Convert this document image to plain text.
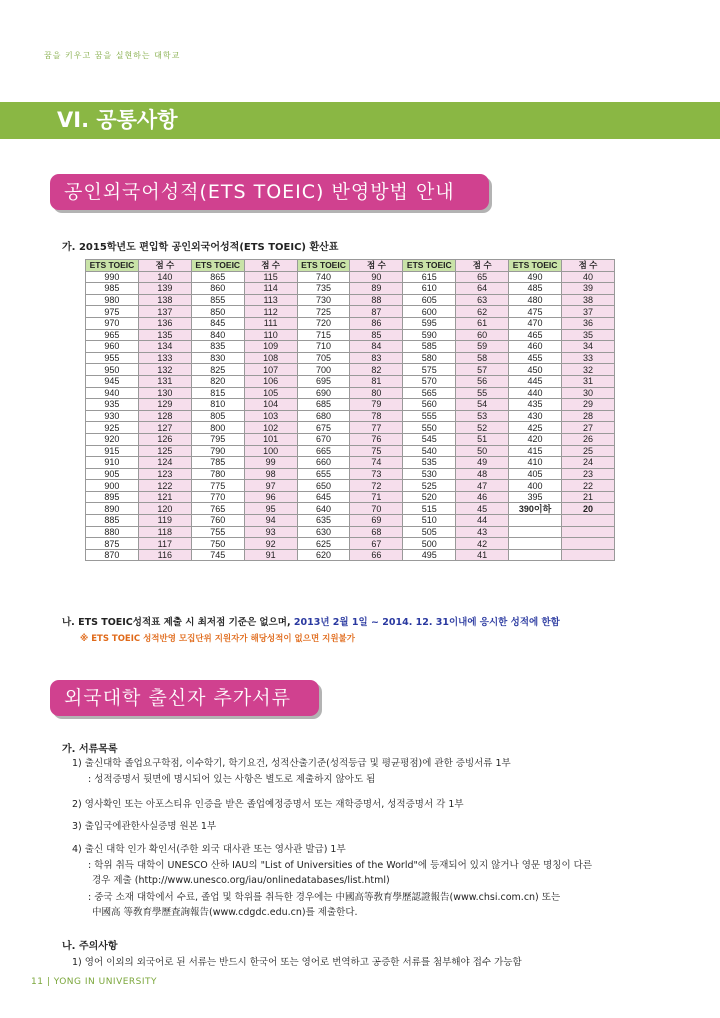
꿈을 키우고 꿈을 실현하는 대학교
VI. 공통사항
공인외국어성적(ETS TOEIC) 반영방법 안내
가. 2015학년도 편입학 공인외국어성적(ETS TOEIC) 환산표
ETS TOEIC	점 수	ETS TOEIC	점 수	ETS TOEIC	점 수	ETS TOEIC	점 수	ETS TOEIC	점 수
990	140	865	115	740	90	615	65	490	40
985	139	860	114	735	89	610	64	485	39
980	138	855	113	730	88	605	63	480	38
975	137	850	112	725	87	600	62	475	37
970	136	845	111	720	86	595	61	470	36
965	135	840	110	715	85	590	60	465	35
960	134	835	109	710	84	585	59	460	34
955	133	830	108	705	83	580	58	455	33
950	132	825	107	700	82	575	57	450	32
945	131	820	106	695	81	570	56	445	31
940	130	815	105	690	80	565	55	440	30
935	129	810	104	685	79	560	54	435	29
930	128	805	103	680	78	555	53	430	28
925	127	800	102	675	77	550	52	425	27
920	126	795	101	670	76	545	51	420	26
915	125	790	100	665	75	540	50	415	25
910	124	785	99	660	74	535	49	410	24
905	123	780	98	655	73	530	48	405	23
900	122	775	97	650	72	525	47	400	22
895	121	770	96	645	71	520	46	395	21
890	120	765	95	640	70	515	45	390이하	20
885	119	760	94	635	69	510	44		
880	118	755	93	630	68	505	43		
875	117	750	92	625	67	500	42		
870	116	745	91	620	66	495	41		
나. ETS TOEIC성적표 제출 시 최저점 기준은 없으며, 2013년 2월 1일 ~ 2014. 12. 31이내에 응시한 성적에 한함
※ ETS TOEIC 성적반영 모집단위 지원자가 해당성적이 없으면 지원불가
외국대학 출신자 추가서류
가. 서류목록
1) 출신대학 졸업요구학점, 이수학기, 학기요건, 성적산출기준(성적등급 및 평균평점)에 관한 증빙서류 1부
: 성적증명서 뒷면에 명시되어 있는 사항은 별도로 제출하지 않아도 됨
2) 영사확인 또는 아포스티유 인증을 받은 졸업예정증명서 또는 재학증명서, 성적증명서 각 1부
3) 출입국에관한사실증명 원본 1부
4) 출신 대학 인가 확인서(주한 외국 대사관 또는 영사관 발급) 1부
: 학위 취득 대학이 UNESCO 산하 IAU의 "List of Universities of the World"에 등재되어 있지 않거나 영문 명칭이 다른
경우 제출 (http://www.unesco.org/iau/onlinedatabases/list.html)
: 중국 소재 대학에서 수료, 졸업 및 학위를 취득한 경우에는 中國高等敎育學歷認證報告(www.chsi.com.cn) 또는
中國高 等敎育學歷査詢報告(www.cdgdc.edu.cn)를 제출한다.
나. 주의사항
1) 영어 이외의 외국어로 된 서류는 반드시 한국어 또는 영어로 번역하고 공증한 서류를 첨부해야 접수 가능함
11 | YONG IN UNIVERSITY
